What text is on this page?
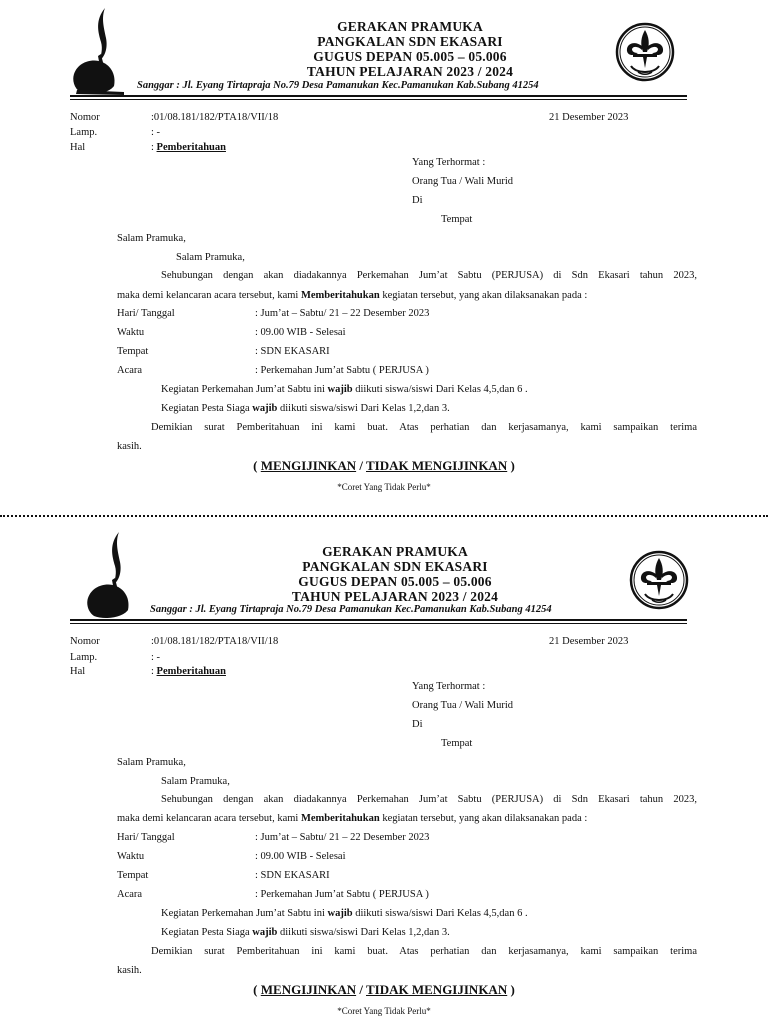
GERAKAN PRAMUKA
PANGKALAN SDN EKASARI
GUGUS DEPAN 05.005 – 05.006
TAHUN PELAJARAN 2023 / 2024
Sanggar : Jl. Eyang Tirtapraja No.79 Desa Pamanukan Kec.Pamanukan Kab.Subang 41254
Nomor	:01/08.181/182/PTA18/VII/18	21 Desember 2023
Lamp.	: -
Hal	: Pemberitahuan
Yang Terhormat :
Orang Tua / Wali Murid
Di
Tempat
Salam Pramuka,
Salam Pramuka,
Sehubungan dengan akan diadakannya Perkemahan Jum’at Sabtu (PERJUSA) di Sdn Ekasari tahun 2023,
maka demi kelancaran acara tersebut, kami Memberitahukan kegiatan tersebut, yang akan dilaksanakan pada :
Hari/ Tanggal	: Jum’at – Sabtu/ 21 – 22 Desember 2023
Waktu	: 09.00 WIB - Selesai
Tempat	: SDN EKASARI
Acara	: Perkemahan Jum’at Sabtu ( PERJUSA )
Kegiatan Perkemahan Jum’at Sabtu ini wajib diikuti siswa/siswi Dari Kelas 4,5,dan 6 .
Kegiatan Pesta Siaga wajib diikuti siswa/siswi Dari Kelas 1,2,dan 3.
Demikian surat Pemberitahuan ini kami buat. Atas perhatian dan kerjasamanya, kami sampaikan terima
kasih.
( MENGIJINKAN / TIDAK MENGIJINKAN )
*Coret Yang Tidak Perlu*
GERAKAN PRAMUKA
PANGKALAN SDN EKASARI
GUGUS DEPAN 05.005 – 05.006
TAHUN PELAJARAN 2023 / 2024
Sanggar : Jl. Eyang Tirtapraja No.79 Desa Pamanukan Kec.Pamanukan Kab.Subang 41254
Nomor	:01/08.181/182/PTA18/VII/18	21 Desember 2023
Lamp.	: -
Hal	: Pemberitahuan
Yang Terhormat :
Orang Tua / Wali Murid
Di
Tempat
Salam Pramuka,
Salam Pramuka,
Sehubungan dengan akan diadakannya Perkemahan Jum’at Sabtu (PERJUSA) di Sdn Ekasari tahun 2023,
maka demi kelancaran acara tersebut, kami Memberitahukan kegiatan tersebut, yang akan dilaksanakan pada :
Hari/ Tanggal	: Jum’at – Sabtu/ 21 – 22 Desember 2023
Waktu	: 09.00 WIB - Selesai
Tempat	: SDN EKASARI
Acara	: Perkemahan Jum’at Sabtu ( PERJUSA )
Kegiatan Perkemahan Jum’at Sabtu ini wajib diikuti siswa/siswi Dari Kelas 4,5,dan 6 .
Kegiatan Pesta Siaga wajib diikuti siswa/siswi Dari Kelas 1,2,dan 3.
Demikian surat Pemberitahuan ini kami buat. Atas perhatian dan kerjasamanya, kami sampaikan terima
kasih.
( MENGIJINKAN / TIDAK MENGIJINKAN )
*Coret Yang Tidak Perlu*
